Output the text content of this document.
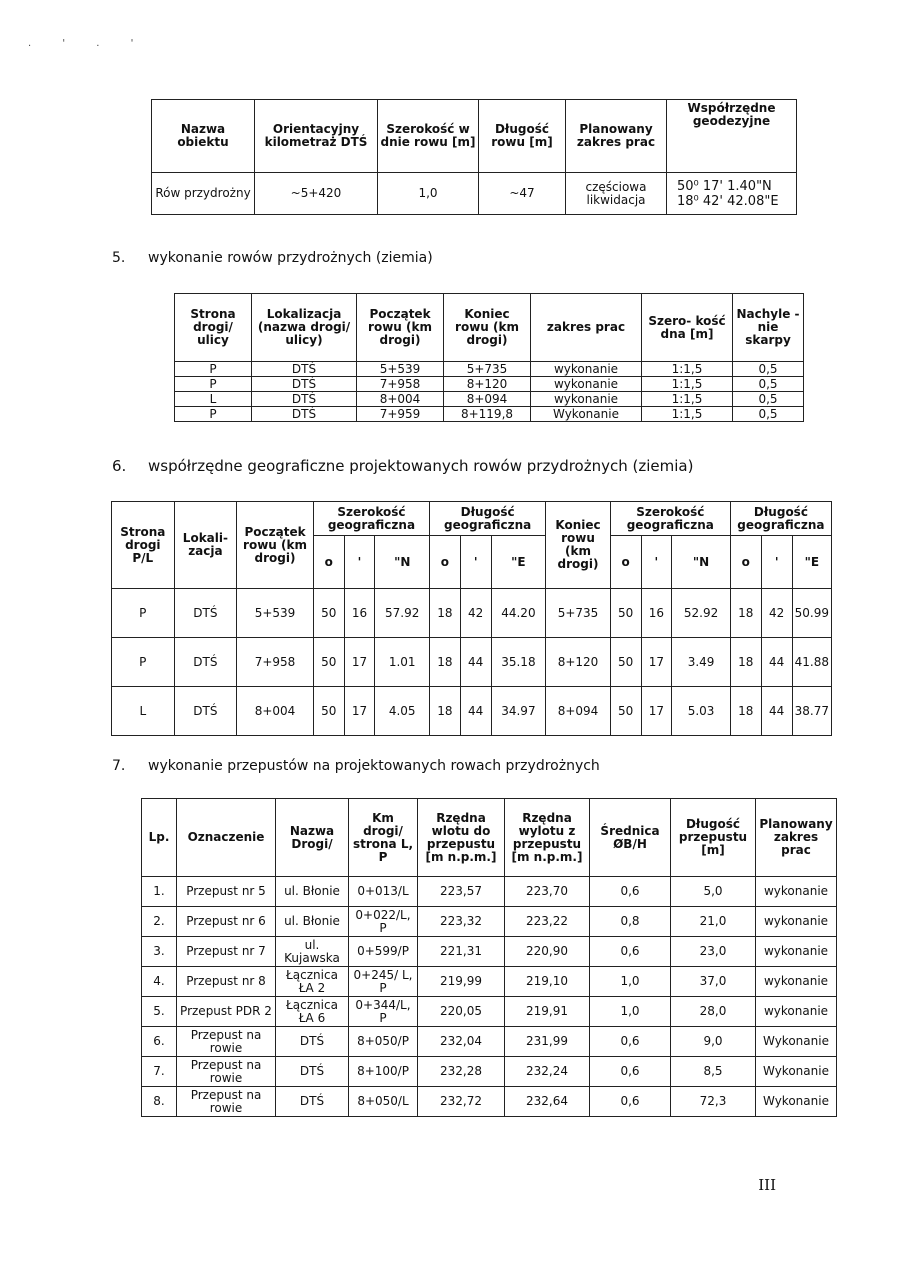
. ' . '
Nazwa obiektu	Orientacyjny kilometraż DTŚ	Szerokość w dnie rowu [m]	Długość rowu [m]	Planowany zakres prac	Współrzędne geodezyjne
Rów przydrożny	~5+420	1,0	~47	częściowa likwidacja	50⁰ 17' 1.40"N
18⁰ 42' 42.08"E
5. wykonanie rowów przydrożnych (ziemia)
Strona drogi/ ulicy	Lokalizacja (nazwa drogi/ ulicy)	Początek rowu (km drogi)	Koniec rowu (km drogi)	zakres prac	Szero- kość dna [m]	Nachyle -nie skarpy
P	DTŚ	5+539	5+735	wykonanie	1:1,5	0,5
P	DTŚ	7+958	8+120	wykonanie	1:1,5	0,5
L	DTŚ	8+004	8+094	wykonanie	1:1,5	0,5
P	DTŚ	7+959	8+119,8	Wykonanie	1:1,5	0,5
6. współrzędne geograficzne projektowanych rowów przydrożnych (ziemia)
Strona drogi P/L	Lokali- zacja	Początek rowu (km drogi)	Szerokość geograficzna			Długość geograficzna			Koniec rowu (km drogi)	Szerokość geograficzna			Długość geograficzna		
			o	'	"N	o	'	"E		o	'	"N	o	'	"E
P	DTŚ	5+539	50	16	57.92	18	42	44.20	5+735	50	16	52.92	18	42	50.99
P	DTŚ	7+958	50	17	1.01	18	44	35.18	8+120	50	17	3.49	18	44	41.88
L	DTŚ	8+004	50	17	4.05	18	44	34.97	8+094	50	17	5.03	18	44	38.77
7. wykonanie przepustów na projektowanych rowach przydrożnych
Lp.	Oznaczenie	Nazwa Drogi/	Km drogi/ strona L, P	Rzędna wlotu do przepustu [m n.p.m.]	Rzędna wylotu z przepustu [m n.p.m.]	Średnica ØB/H	Długość przepustu [m]	Planowany zakres prac
1.	Przepust nr 5	ul. Błonie	0+013/L	223,57	223,70	0,6	5,0	wykonanie
2.	Przepust nr 6	ul. Błonie	0+022/L, P	223,32	223,22	0,8	21,0	wykonanie
3.	Przepust nr 7	ul. Kujawska	0+599/P	221,31	220,90	0,6	23,0	wykonanie
4.	Przepust nr 8	Łącznica ŁA 2	0+245/ L, P	219,99	219,10	1,0	37,0	wykonanie
5.	Przepust PDR 2	Łącznica ŁA 6	0+344/L, P	220,05	219,91	1,0	28,0	wykonanie
6.	Przepust na rowie	DTŚ	8+050/P	232,04	231,99	0,6	9,0	Wykonanie
7.	Przepust na rowie	DTŚ	8+100/P	232,28	232,24	0,6	8,5	Wykonanie
8.	Przepust na rowie	DTŚ	8+050/L	232,72	232,64	0,6	72,3	Wykonanie
III
